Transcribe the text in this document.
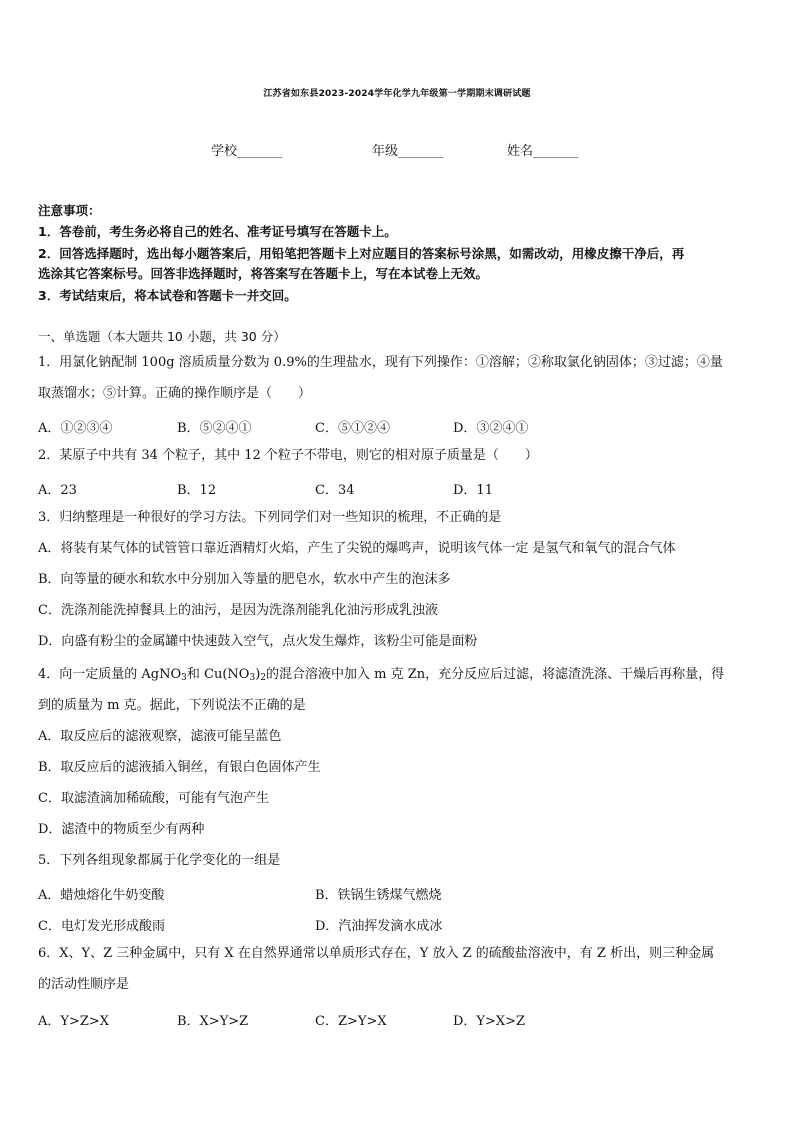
江苏省如东县2023-2024学年化学九年级第一学期期末调研试题
学校_______	年级_______	姓名_______
注意事项：
1．答卷前，考生务必将自己的姓名、准考证号填写在答题卡上。
2．回答选择题时，选出每小题答案后，用铅笔把答题卡上对应题目的答案标号涂黑，如需改动，用橡皮擦干净后，再
选涂其它答案标号。回答非选择题时，将答案写在答题卡上，写在本试卷上无效。
3．考试结束后，将本试卷和答题卡一并交回。
一、单选题（本大题共 10 小题，共 30 分）
1．用氯化钠配制 100g 溶质质量分数为 0.9%的生理盐水，现有下列操作：①溶解；②称取氯化钠固体；③过滤；④量
取蒸馏水；⑤计算。正确的操作顺序是（　　）
A．①②③④	B．⑤②④①	C．⑤①②④	D．③②④①
2．某原子中共有 34 个粒子，其中 12 个粒子不带电，则它的相对原子质量是（　　）
A．23	B．12	C．34	D．11
3．归纳整理是一种很好的学习方法。下列同学们对一些知识的梳理，不正确的是
A．将装有某气体的试管管口靠近酒精灯火焰，产生了尖锐的爆鸣声，说明该气体一定 是氢气和氧气的混合气体
B．向等量的硬水和软水中分别加入等量的肥皂水，软水中产生的泡沫多
C．洗涤剂能洗掉餐具上的油污，是因为洗涤剂能乳化油污形成乳浊液
D．向盛有粉尘的金属罐中快速鼓入空气，点火发生爆炸，该粉尘可能是面粉
4．向一定质量的 AgNO$_3$和 $Cu(NO_3)_2$的混合溶液中加入 m 克 Zn，充分反应后过滤，将滤渣洗涤、干燥后再称量，得
到的质量为 m 克。据此，下列说法不正确的是
A．取反应后的滤液观察，滤液可能呈蓝色
B．取反应后的滤液插入铜丝，有银白色固体产生
C．取滤渣滴加稀硫酸，可能有气泡产生
D．滤渣中的物质至少有两种
5．下列各组现象都属于化学变化的一组是
A．蜡烛熔化牛奶变酸	B．铁锅生锈煤气燃烧
C．电灯发光形成酸雨	D．汽油挥发滴水成冰
6．X、Y、Z 三种金属中，只有 X 在自然界通常以单质形式存在，Y 放入 Z 的硫酸盐溶液中，有 Z 析出，则三种金属
的活动性顺序是
A．Y>Z>X	B．X>Y>Z	C．Z>Y>X	D．Y>X>Z
